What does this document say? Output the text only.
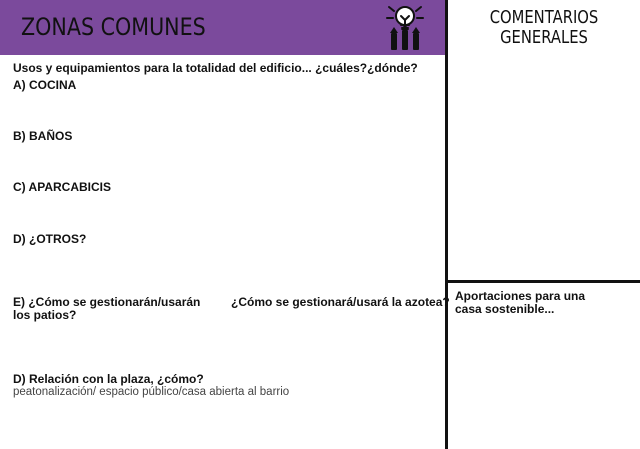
ZONAS COMUNES	COMENTARIOS
GENERALES
Usos y equipamientos para la totalidad del edificio... ¿cuáles?¿dónde?
A) COCINA
B) BAÑOS
C) APARCABICIS
D) ¿OTROS?
E) ¿Cómo se gestionarán/usarán
los patios?
¿Cómo se gestionará/usará la azotea?
D) Relación con la plaza, ¿cómo?
peatonalización/ espacio público/casa abierta al barrio
Aportaciones para una
casa sostenible...
